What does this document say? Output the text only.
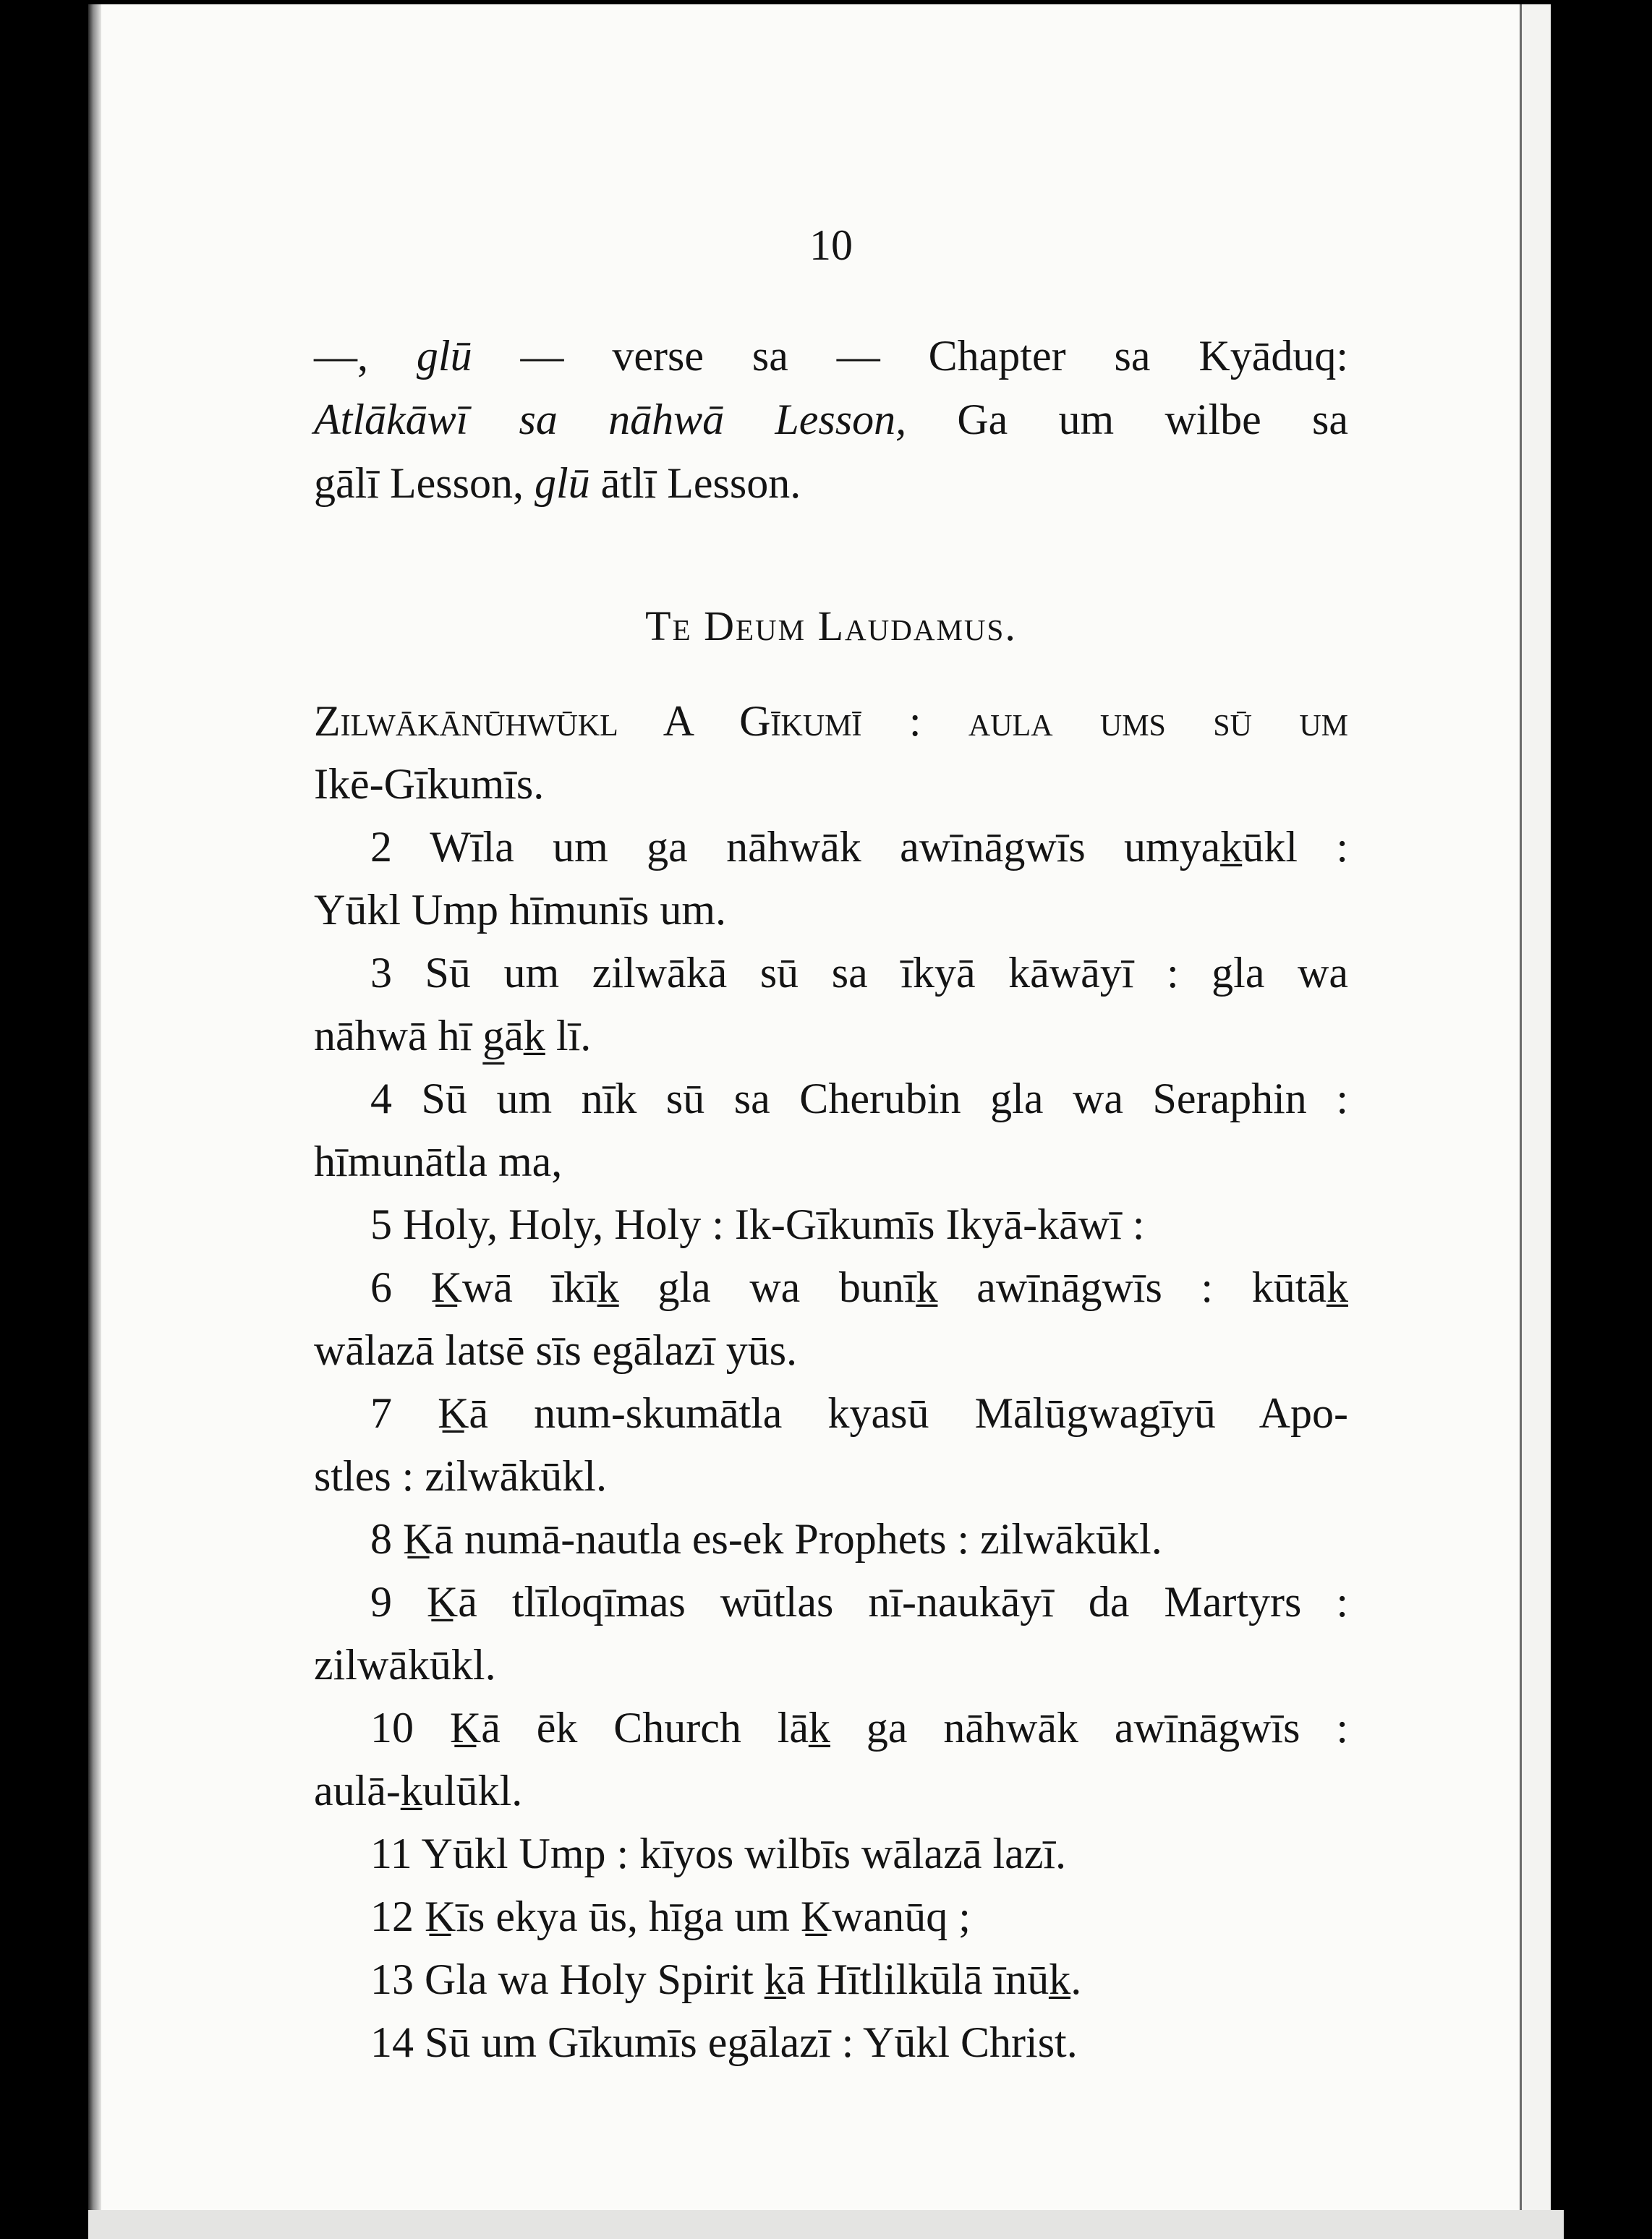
10
—, glū — verse sa — Chapter sa Kyāduq:
Atlākāwī sa nāhwā Lesson, Ga um wilbe sa
gālī Lesson, glū ātlī Lesson.
Te Deum Laudamus.
Zilwākānūhwūkl A Gīkumī : aula ums sū um
Ikē-Gīkumīs.
2 Wīla um ga nāhwāk awīnāgwīs umyak̲ūkl :
Yūkl Ump hīmunīs um.
3 Sū um zilwākā sū sa īkyā kāwāyī : gla wa
nāhwā hī g̲āk̲ lī.
4 Sū um nīk sū sa Cherubin gla wa Seraphin :
hīmunātla ma,
5 Holy, Holy, Holy : Ik-Gīkumīs Ikyā-kāwī :
6 K̲wā īkīk̲ gla wa bunīk̲ awīnāgwīs : kūtāk̲
wālazā latsē sīs egālazī yūs.
7 K̲ā num-skumātla kyasū Mālūgwagīyū Apo-
stles : zilwākūkl.
8 K̲ā numā-nautla es-ek Prophets : zilwākūkl.
9 K̲ā tlīloqīmas wūtlas nī-naukāyī da Martyrs :
zilwākūkl.
10 K̲ā ēk Church lāk̲ ga nāhwāk awīnāgwīs :
aulā-k̲ulūkl.
11 Yūkl Ump : kīyos wilbīs wālazā lazī.
12 K̲īs ekya ūs, hīga um K̲wanūq ;
13 Gla wa Holy Spirit k̲ā Hītlilkūlā īnūk̲.
14 Sū um Gīkumīs egālazī : Yūkl Christ.
